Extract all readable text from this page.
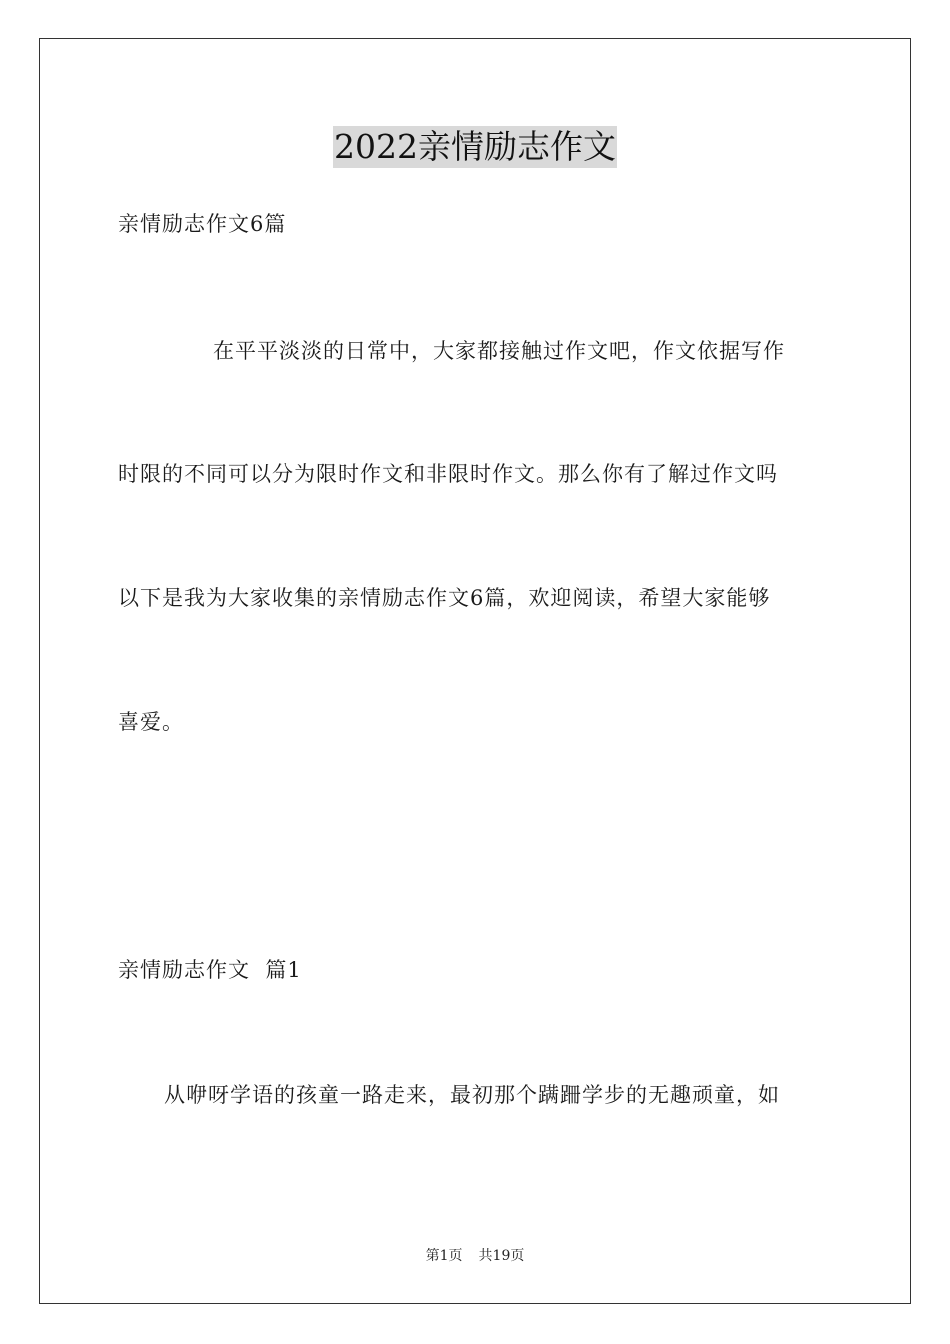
2022亲情励志作文

亲情励志作文6篇

在平平淡淡的日常中，大家都接触过作文吧，作文依据写作

时限的不同可以分为限时作文和非限时作文。那么你有了解过作文吗

以下是我为大家收集的亲情励志作文6篇，欢迎阅读，希望大家能够

喜爱。

亲情励志作文  篇1

从咿呀学语的孩童一路走来，最初那个蹒跚学步的无趣顽童，如

第1页 共19页
